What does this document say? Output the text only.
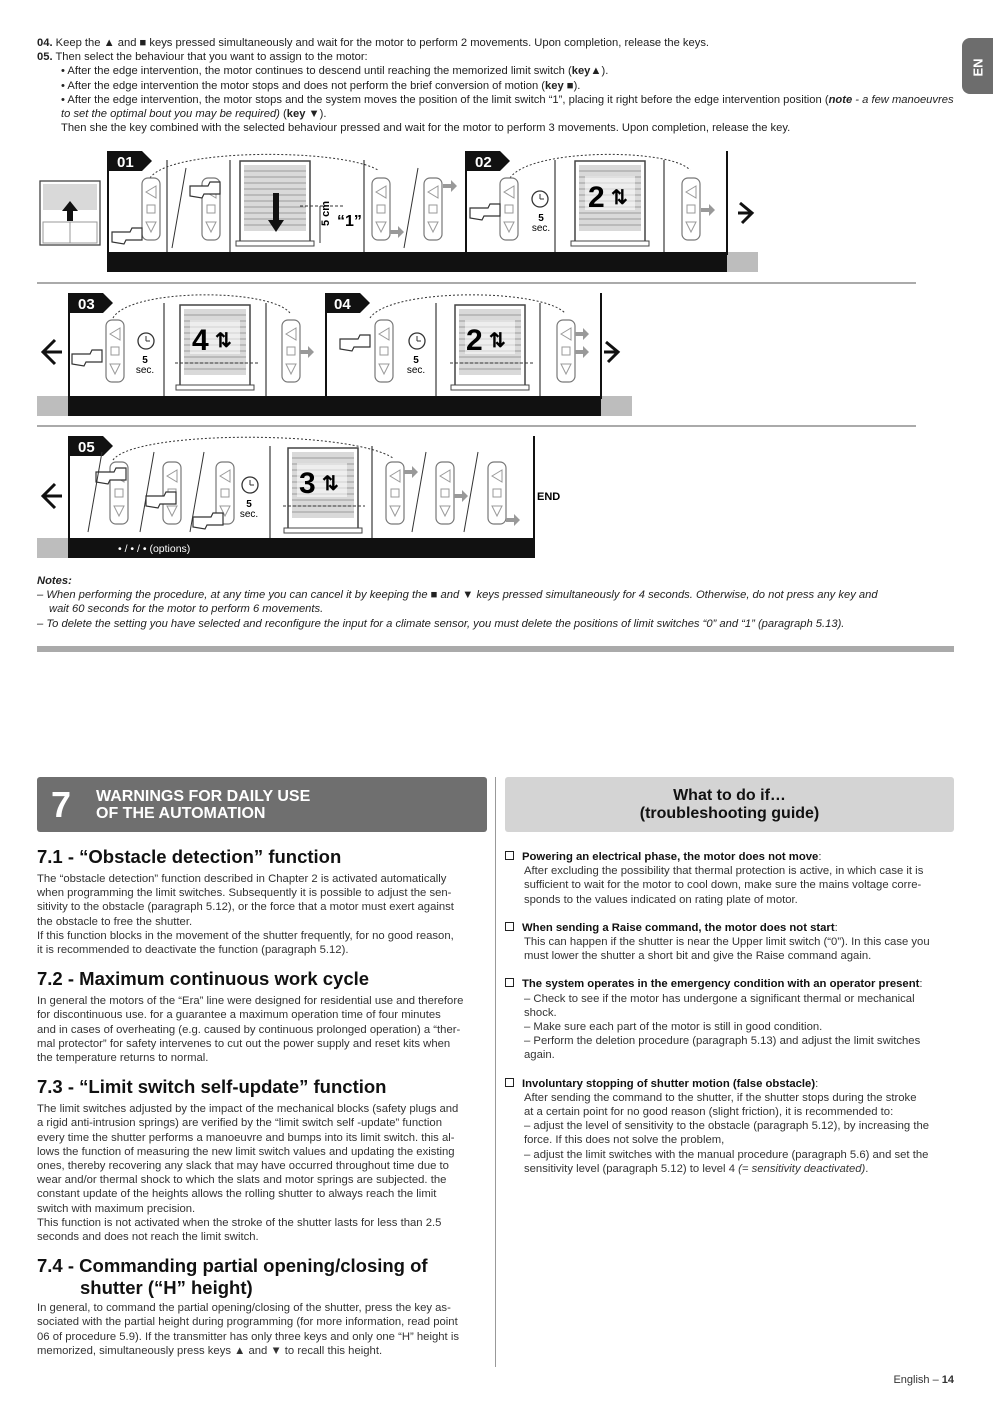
EN
04. Keep the ▲ and ■ keys pressed simultaneously and wait for the motor to perform 2 movements. Upon completion, release the keys.
05. Then select the behaviour that you want to assign to the motor:
• After the edge intervention, the motor continues to descend until reaching the memorized limit switch (key▲).
• After the edge intervention the motor stops and does not perform the brief conversion of motion (key ■).
• After the edge intervention, the motor stops and the system moves the position of the limit switch “1”, placing it right before the edge intervention position (note - a few manoeuvres to set the optimal bout you may be required) (key ▼).
Then she the key combined with the selected behaviour pressed and wait for the motor to perform 3 movements. Upon completion, release the key.
01	02
5 cm “1”	5
sec.
2 ⇅
03	04
5
sec.
4 ⇅
5
sec.
2 ⇅
05
5
sec.
3 ⇅
END
• / • / • (options)
Notes:
– When performing the procedure, at any time you can cancel it by keeping the ■ and ▼ keys pressed simultaneously for 4 seconds. Otherwise, do not press any key and
wait 60 seconds for the motor to perform 6 movements.
– To delete the setting you have selected and reconfigure the input for a climate sensor, you must delete the positions of limit switches “0” and “1” (paragraph 5.13).
7 WARNINGS FOR DAILY USE
OF THE AUTOMATION
What to do if…
(troubleshooting guide)
7.1 - “Obstacle detection” function
The “obstacle detection” function described in Chapter 2 is activated automatically
when programming the limit switches. Subsequently it is possible to adjust the sen-
sitivity to the obstacle (paragraph 5.12), or the force that a motor must exert against
the obstacle to free the shutter.
If this function blocks in the movement of the shutter frequently, for no good reason,
it is recommended to deactivate the function (paragraph 5.12).
7.2 - Maximum continuous work cycle
In general the motors of the “Era” line were designed for residential use and therefore
for discontinuous use. for a guarantee a maximum operation time of four minutes
and in cases of overheating (e.g. caused by continuous prolonged operation) a “ther-
mal protector” for safety intervenes to cut out the power supply and reset kits when
the temperature returns to normal.
7.3 - “Limit switch self-update” function
The limit switches adjusted by the impact of the mechanical blocks (safety plugs and
a rigid anti-intrusion springs) are verified by the “limit switch self -update” function
every time the shutter performs a manoeuvre and bumps into its limit switch. this al-
lows the function of measuring the new limit switch values and updating the existing
ones, thereby recovering any slack that may have occurred throughout time due to
wear and/or thermal shock to which the slats and motor springs are subjected. the
constant update of the heights allows the rolling shutter to always reach the limit
switch with maximum precision.
This function is not activated when the stroke of the shutter lasts for less than 2.5
seconds and does not reach the limit switch.
7.4 - Commanding partial opening/closing of
shutter (“H” height)
In general, to command the partial opening/closing of the shutter, press the key as-
sociated with the partial height during programming (for more information, read point
06 of procedure 5.9). If the transmitter has only three keys and only one “H” height is
memorized, simultaneously press keys ▲ and ▼ to recall this height.
Powering an electrical phase, the motor does not move:
After excluding the possibility that thermal protection is active, in which case it is
sufficient to wait for the motor to cool down, make sure the mains voltage corre-
sponds to the values indicated on rating plate of motor.
When sending a Raise command, the motor does not start:
This can happen if the shutter is near the Upper limit switch (“0”). In this case you
must lower the shutter a short bit and give the Raise command again.
The system operates in the emergency condition with an operator present:
– Check to see if the motor has undergone a significant thermal or mechanical
shock.
– Make sure each part of the motor is still in good condition.
– Perform the deletion procedure (paragraph 5.13) and adjust the limit switches
again.
Involuntary stopping of shutter motion (false obstacle):
After sending the command to the shutter, if the shutter stops during the stroke
at a certain point for no good reason (slight friction), it is recommended to:
– adjust the level of sensitivity to the obstacle (paragraph 5.12), by increasing the
force. If this does not solve the problem,
– adjust the limit switches with the manual procedure (paragraph 5.6) and set the
sensitivity level (paragraph 5.12) to level 4 (= sensitivity deactivated).
English – 14
